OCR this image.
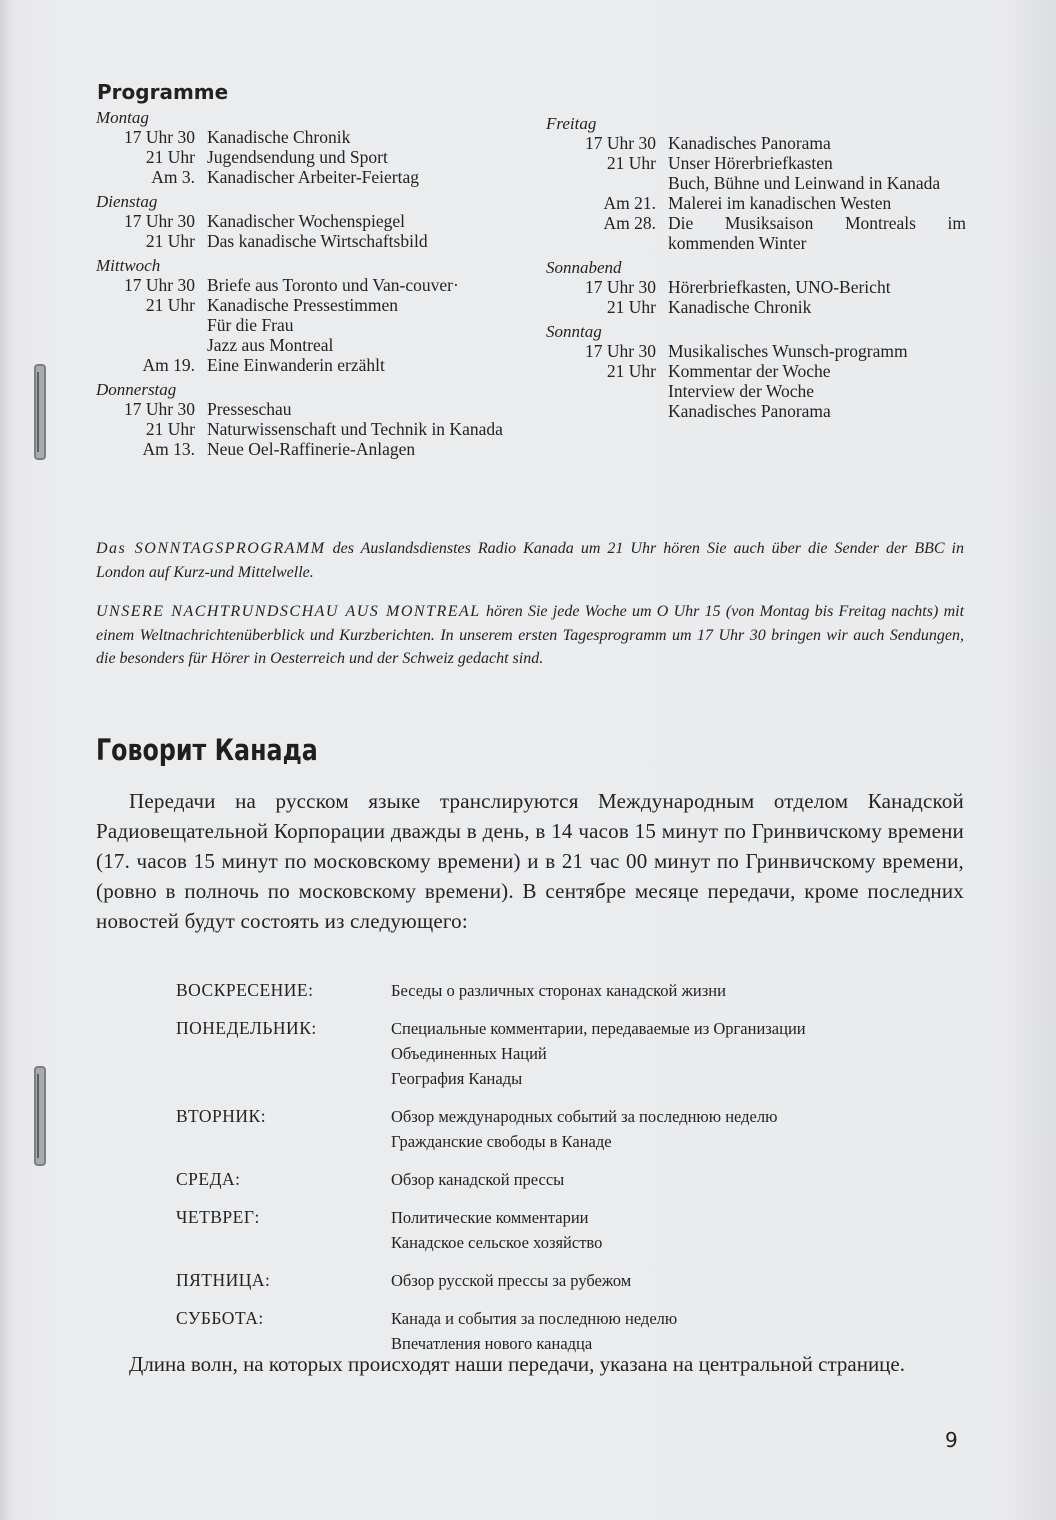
Programme
Montag
17 Uhr 30 Kanadische Chronik
21 Uhr Jugendsendung und Sport
Am 3. Kanadischer Arbeiter-Feiertag
Dienstag
17 Uhr 30 Kanadischer Wochenspiegel
21 Uhr Das kanadische Wirtschaftsbild
Mittwoch
17 Uhr 30 Briefe aus Toronto und Van-couver·
21 Uhr Kanadische Pressestimmen
Für die Frau
Jazz aus Montreal
Am 19. Eine Einwanderin erzählt
Donnerstag
17 Uhr 30 Presseschau
21 Uhr Naturwissenschaft und Technik in Kanada
Am 13. Neue Oel-Raffinerie-Anlagen
Freitag
17 Uhr 30 Kanadisches Panorama
21 Uhr Unser Hörerbriefkasten
Buch, Bühne und Leinwand in Kanada
Am 21. Malerei im kanadischen Westen
Am 28. Die Musiksaison Montreals im kommenden Winter
Sonnabend
17 Uhr 30 Hörerbriefkasten, UNO-Bericht
21 Uhr Kanadische Chronik
Sonntag
17 Uhr 30 Musikalisches Wunsch-programm
21 Uhr Kommentar der Woche
Interview der Woche
Kanadisches Panorama

Das SONNTAGSPROGRAMM des Auslandsdienstes Radio Kanada um 21 Uhr hören Sie auch über die Sender der BBC in London auf Kurz-und Mittelwelle.

UNSERE NACHTRUNDSCHAU AUS MONTREAL hören Sie jede Woche um O Uhr 15 (von Montag bis Freitag nachts) mit einem Weltnachrichtenüberblick und Kurzberichten. In unserem ersten Tagesprogramm um 17 Uhr 30 bringen wir auch Sendungen, die besonders für Hörer in Oesterreich und der Schweiz gedacht sind.

Говорит Канада

Передачи на русском языке транслируются Международным отделом Канадской Радиовещательной Корпорации дважды в день, в 14 часов 15 минут по Гринвичскому времени (17. часов 15 минут по московскому времени) и в 21 час 00 минут по Гринвичскому времени, (ровно в полночь по московскому времени). В сентябре месяце передачи, кроме последних новостей будут состоять из следующего:

ВОСКРЕСЕНИЕ:	Беседы о различных сторонах канадской жизни
ПОНЕДЕЛЬНИК:	Специальные комментарии, передаваемые из Организации
Объединенных Наций
География Канады
ВТОРНИК:	Обзор международных событий за последнюю неделю
Гражданские свободы в Канаде
СРЕДА:	Обзор канадской прессы
ЧЕТВРЕГ:	Политические комментарии
Канадское сельское хозяйство
ПЯТНИЦА:	Обзор русской прессы за рубежом
СУББОТА:	Канада и события за последнюю неделю
Впечатления нового канадца

Длина волн, на которых происходят наши передачи, указана на центральной странице.

9
